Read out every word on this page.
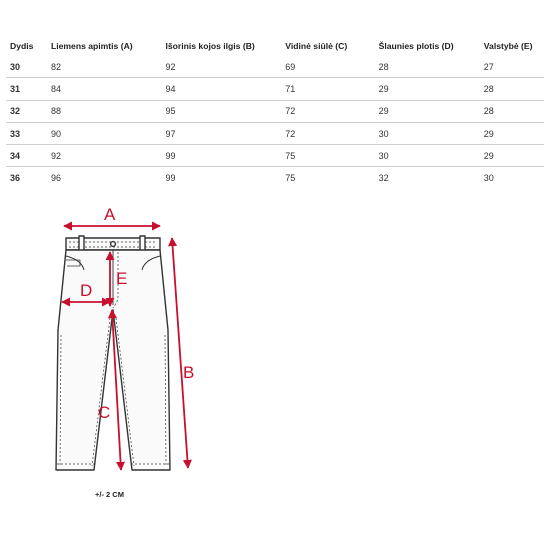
Dydis	Liemens apimtis (A)	Išorinis kojos ilgis (B)	Vidinė siūlė (C)	Šlaunies plotis (D)	Valstybė (E)
30	82	92	69	28	27
31	84	94	71	29	28
32	88	95	72	29	28
33	90	97	72	30	29
34	92	99	75	30	29
36	96	99	75	32	30
A
B
C
D
E
+/- 2 CM
